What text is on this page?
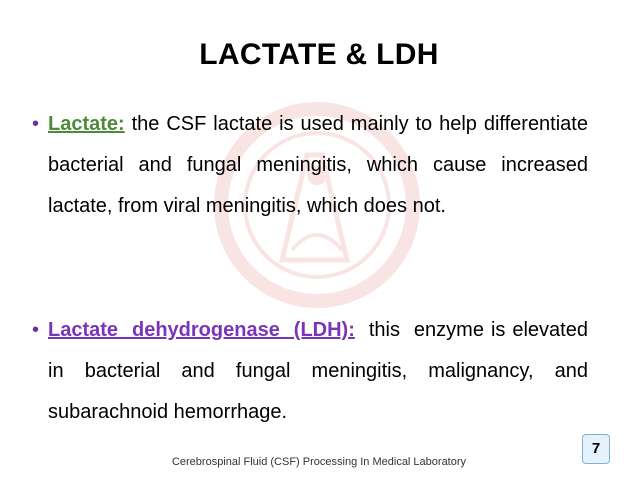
LACTATE & LDH
• Lactate: the CSF lactate is used mainly to help differentiate bacterial and fungal meningitis, which cause increased lactate, from viral meningitis, which does not.
• Lactate  dehydrogenase  (LDH):  this  enzyme is elevated in bacterial and fungal meningitis, malignancy, and subarachnoid hemorrhage.
Cerebrospinal Fluid (CSF) Processing In Medical Laboratory
7
